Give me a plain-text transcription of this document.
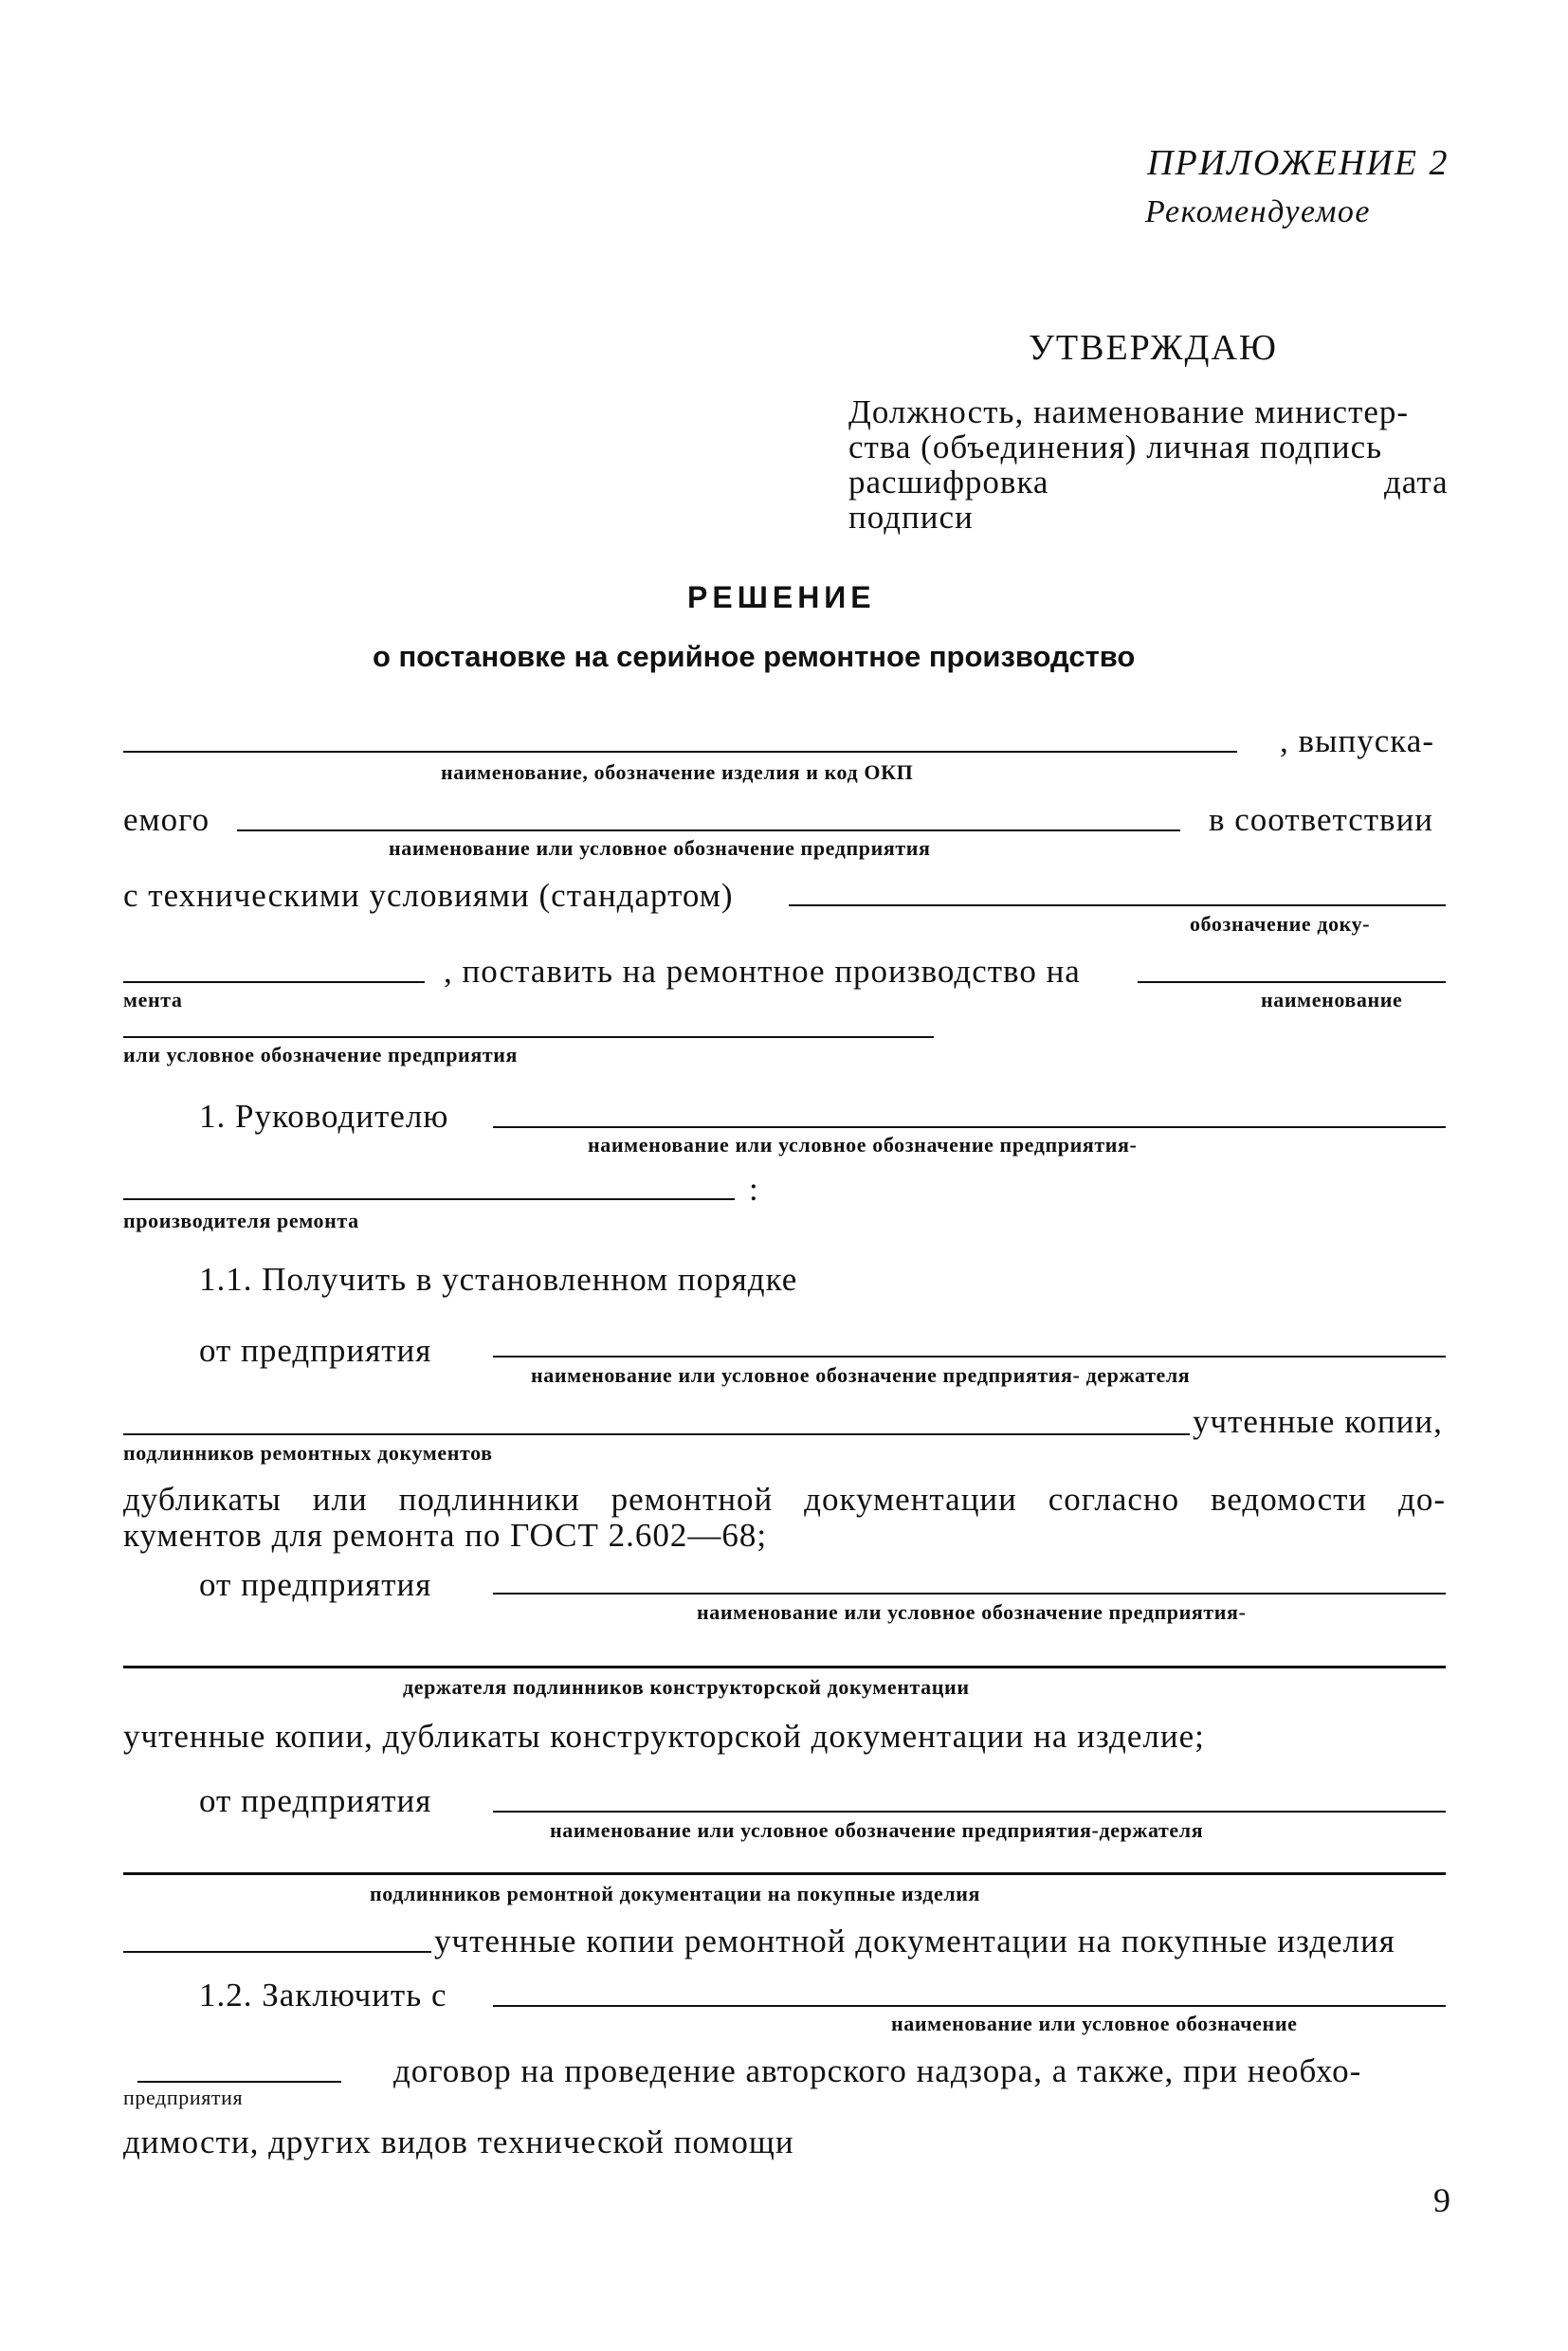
ПРИЛОЖЕНИЕ 2
Рекомендуемое
УТВЕРЖДАЮ
Должность, наименование министер-
ства (объединения) личная подпись
расшифровка	дата
подписи
РЕШЕНИЕ
о постановке на серийное ремонтное производство
, выпуска-
наименование, обозначение изделия и код ОКП
емого	в соответствии
наименование или условное обозначение предприятия
с техническими условиями (стандартом)
обозначение доку-
, поставить на ремонтное производство на
мента	наименование
или условное обозначение предприятия
1. Руководителю
наименование или условное обозначение предприятия-
:
производителя ремонта
1.1. Получить в установленном порядке
от предприятия
наименование или условное обозначение предприятия- держателя
учтенные копии,
подлинников ремонтных документов
дубликаты или подлинники ремонтной документации согласно ведомости до-
кументов для ремонта по ГОСТ 2.602—68;
от предприятия
наименование или условное обозначение предприятия-
держателя подлинников конструкторской документации
учтенные копии, дубликаты конструкторской документации на изделие;
от предприятия
наименование или условное обозначение предприятия-держателя
подлинников ремонтной документации на покупные изделия
учтенные копии ремонтной документации на покупные изделия
1.2. Заключить с
наименование или условное обозначение
договор на проведение авторского надзора, а также, при необхо-
предприятия
димости, других видов технической помощи
9
